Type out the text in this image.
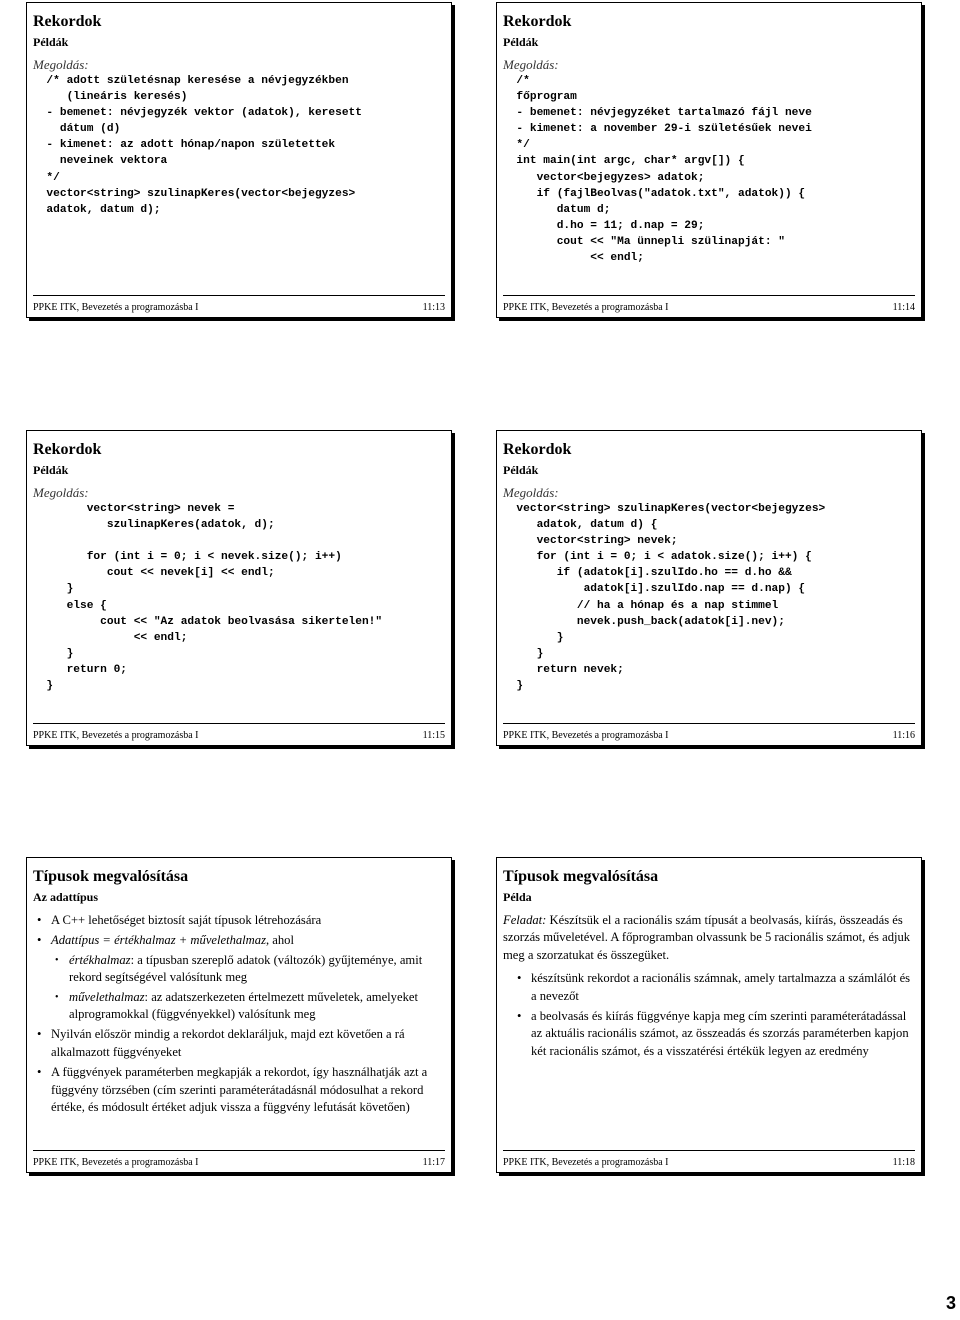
Rekordok
Példák
Megoldás:
/* adott születésnap keresése a névjegyzékben
(lineáris keresés)
- bemenet: névjegyzék vektor (adatok), keresett
dátum (d)
- kimenet: az adott hónap/napon születettek
neveinek vektora
*/
vector<string> szulinapKeres(vector<bejegyzes>
adatok, datum d);
PPKE ITK, Bevezetés a programozásba I	11:13
Rekordok
Példák
Megoldás:
/*
főprogram
- bemenet: névjegyzéket tartalmazó fájl neve
- kimenet: a november 29-i születésűek nevei
*/
int main(int argc, char* argv[]) {
vector<bejegyzes> adatok;
if (fajlBeolvas("adatok.txt", adatok)) {
datum d;
d.ho = 11; d.nap = 29;
cout << "Ma ünnepli szülinapját: "
<< endl;
PPKE ITK, Bevezetés a programozásba I	11:14
Rekordok
Példák
Megoldás:
vector<string> nevek =
szulinapKeres(adatok, d);

for (int i = 0; i < nevek.size(); i++)
cout << nevek[i] << endl;
}
else {
cout << "Az adatok beolvasása sikertelen!"
<< endl;
}
return 0;
}
PPKE ITK, Bevezetés a programozásba I	11:15
Rekordok
Példák
Megoldás:
vector<string> szulinapKeres(vector<bejegyzes>
adatok, datum d) {
vector<string> nevek;
for (int i = 0; i < adatok.size(); i++) {
if (adatok[i].szulIdo.ho == d.ho &&
adatok[i].szulIdo.nap == d.nap) {
// ha a hónap és a nap stimmel
nevek.push_back(adatok[i].nev);
}
}
return nevek;
}
PPKE ITK, Bevezetés a programozásba I	11:16
Típusok megvalósítása
Az adattípus
• A C++ lehetőséget biztosít saját típusok létrehozására
• Adattípus = értékhalmaz + művelethalmaz, ahol
• értékhalmaz: a típusban szereplő adatok (változók) gyűjteménye, amit rekord segítségével valósítunk meg
• művelethalmaz: az adatszerkezeten értelmezett műveletek, amelyeket alprogramokkal (függvényekkel) valósítunk meg
• Nyilván először mindig a rekordot deklaráljuk, majd ezt követően a rá alkalmazott függvényeket
• A függvények paraméterben megkapják a rekordot, így használhatják azt a függvény törzsében (cím szerinti paraméterátadásnál módosulhat a rekord értéke, és módosult értéket adjuk vissza a függvény lefutását követően)
PPKE ITK, Bevezetés a programozásba I	11:17
Típusok megvalósítása
Példa
Feladat: Készítsük el a racionális szám típusát a beolvasás, kiírás, összeadás és szorzás műveletével. A főprogramban olvassunk be 5 racionális számot, és adjuk meg a szorzatukat és összegüket.
• készítsünk rekordot a racionális számnak, amely tartalmazza a számlálót és a nevezőt
• a beolvasás és kiírás függvénye kapja meg cím szerinti paraméterátadással az aktuális racionális számot, az összeadás és szorzás paraméterben kapjon két racionális számot, és a visszatérési értékük legyen az eredmény
PPKE ITK, Bevezetés a programozásba I	11:18
3
